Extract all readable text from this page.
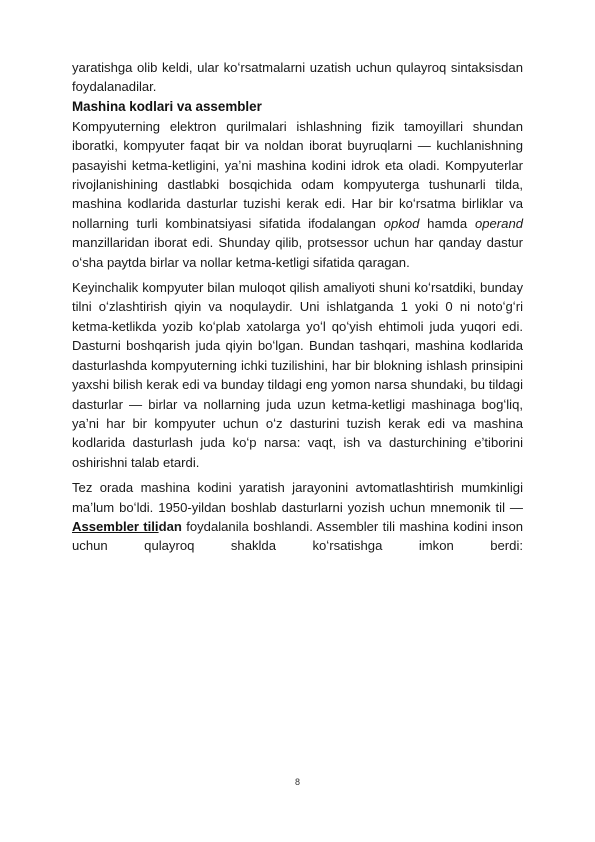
yaratishga olib keldi, ular koʻrsatmalarni uzatish uchun qulayroq sintaksisdan foydalanadilar.

Mashina kodlari va assembler

Kompyuterning elektron qurilmalari ishlashning fizik tamoyillari shundan iboratki, kompyuter faqat bir va noldan iborat buyruqlarni — kuchlanishning pasayishi ketma-ketligini, yaʼni mashina kodini idrok eta oladi. Kompyuterlar rivojlanishining dastlabki bosqichida odam kompyuterga tushunarli tilda, mashina kodlarida dasturlar tuzishi kerak edi. Har bir koʻrsatma birliklar va nollarning turli kombinatsiyasi sifatida ifodalangan opkod hamda operand manzillaridan iborat edi. Shunday qilib, protsessor uchun har qanday dastur oʻsha paytda birlar va nollar ketma-ketligi sifatida qaragan.

Keyinchalik kompyuter bilan muloqot qilish amaliyoti shuni koʻrsatdiki, bunday tilni oʻzlashtirish qiyin va noqulaydir. Uni ishlatganda 1 yoki 0 ni notoʻgʻri ketma-ketlikda yozib koʻplab xatolarga yoʻl qoʻyish ehtimoli juda yuqori edi. Dasturni boshqarish juda qiyin boʻlgan. Bundan tashqari, mashina kodlarida dasturlashda kompyuterning ichki tuzilishini, har bir blokning ishlash prinsipini yaxshi bilish kerak edi va bunday tildagi eng yomon narsa shundaki, bu tildagi dasturlar — birlar va nollarning juda uzun ketma-ketligi mashinaga bogʻliq, yaʼni har bir kompyuter uchun oʻz dasturini tuzish kerak edi va mashina kodlarida dasturlash juda koʻp narsa: vaqt, ish va dasturchining eʼtiborini oshirishni talab etardi.

Tez orada mashina kodini yaratish jarayonini avtomatlashtirish mumkinligi maʼlum boʻldi. 1950-yildan boshlab dasturlarni yozish uchun mnemonik til — Assembler tilidan foydalanila boshlandi. Assembler tili mashina kodini inson uchun qulayroq shaklda koʻrsatishga imkon berdi:

8
